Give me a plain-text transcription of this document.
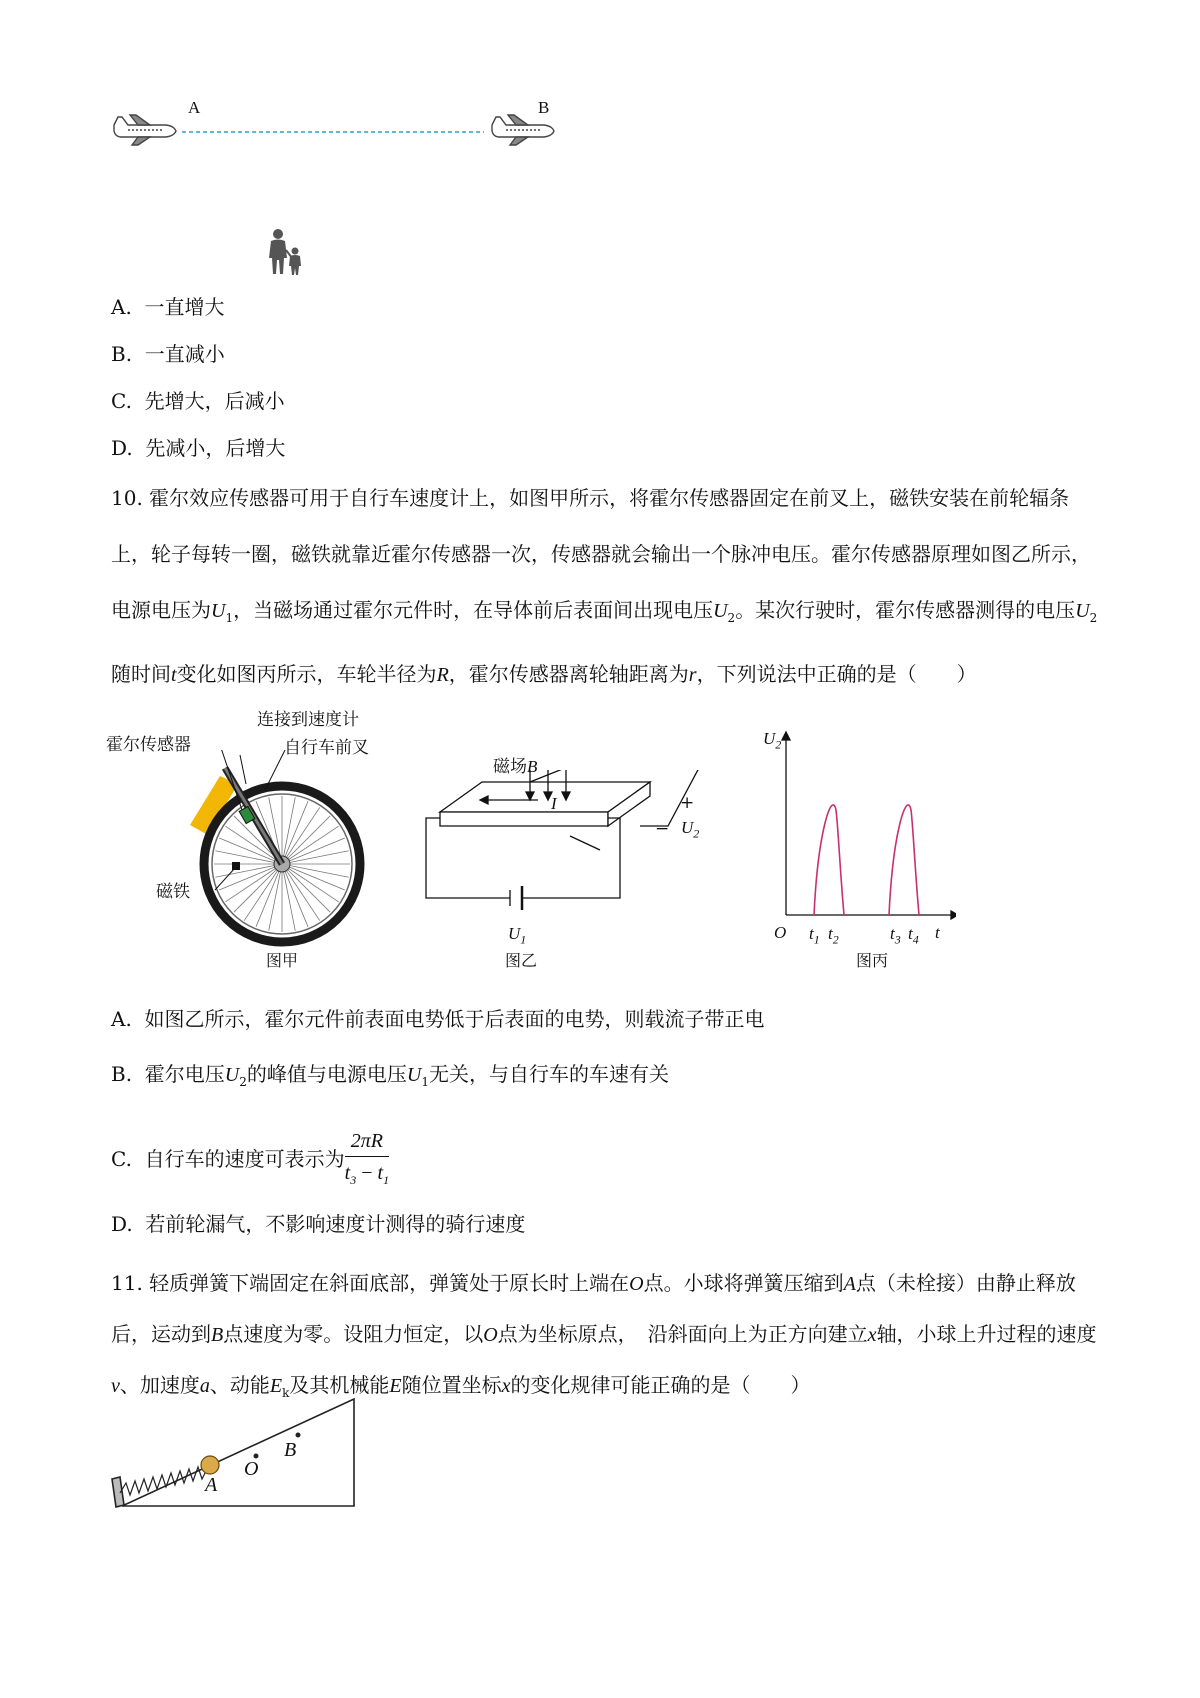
A	B
A. 一直增大
B. 一直减小
C. 先增大，后减小
D. 先减小，后增大
10. 霍尔效应传感器可用于自行车速度计上，如图甲所示，将霍尔传感器固定在前叉上，磁铁安装在前轮辐条上，轮子每转一圈，磁铁就靠近霍尔传感器一次，传感器就会输出一个脉冲电压。霍尔传感器原理如图乙所示，电源电压为$U_1$，当磁场通过霍尔元件时，在导体前后表面间出现电压$U_2$。某次行驶时，霍尔传感器测得的电压$U_2$随时间t变化如图丙所示，车轮半径为R，霍尔传感器离轮轴距离为r，下列说法中正确的是（　　）
霍尔传感器
连接到速度计
自行车前叉
磁铁
图甲
磁场B
I	+
− $U_2$
$U_1$
图乙
$U_2$
O	t
$t_1$ $t_2$	$t_3$ $t_4$
图丙
A. 如图乙所示，霍尔元件前表面电势低于后表面的电势，则载流子带正电
B. 霍尔电压$U_2$的峰值与电源电压$U_1$无关，与自行车的车速有关
C. 自行车的速度可表示为 $\frac{2\pi R}{t_3 - t_1}$
D. 若前轮漏气，不影响速度计测得的骑行速度
11. 轻质弹簧下端固定在斜面底部，弹簧处于原长时上端在O点。小球将弹簧压缩到A点（未栓接）由静止释放后，运动到B点速度为零。设阻力恒定，以O点为坐标原点，　沿斜面向上为正方向建立x轴，小球上升过程的速度v、加速度a、动能$E_k$及其机械能E随位置坐标x的变化规律可能正确的是（　　）
A
O
B
